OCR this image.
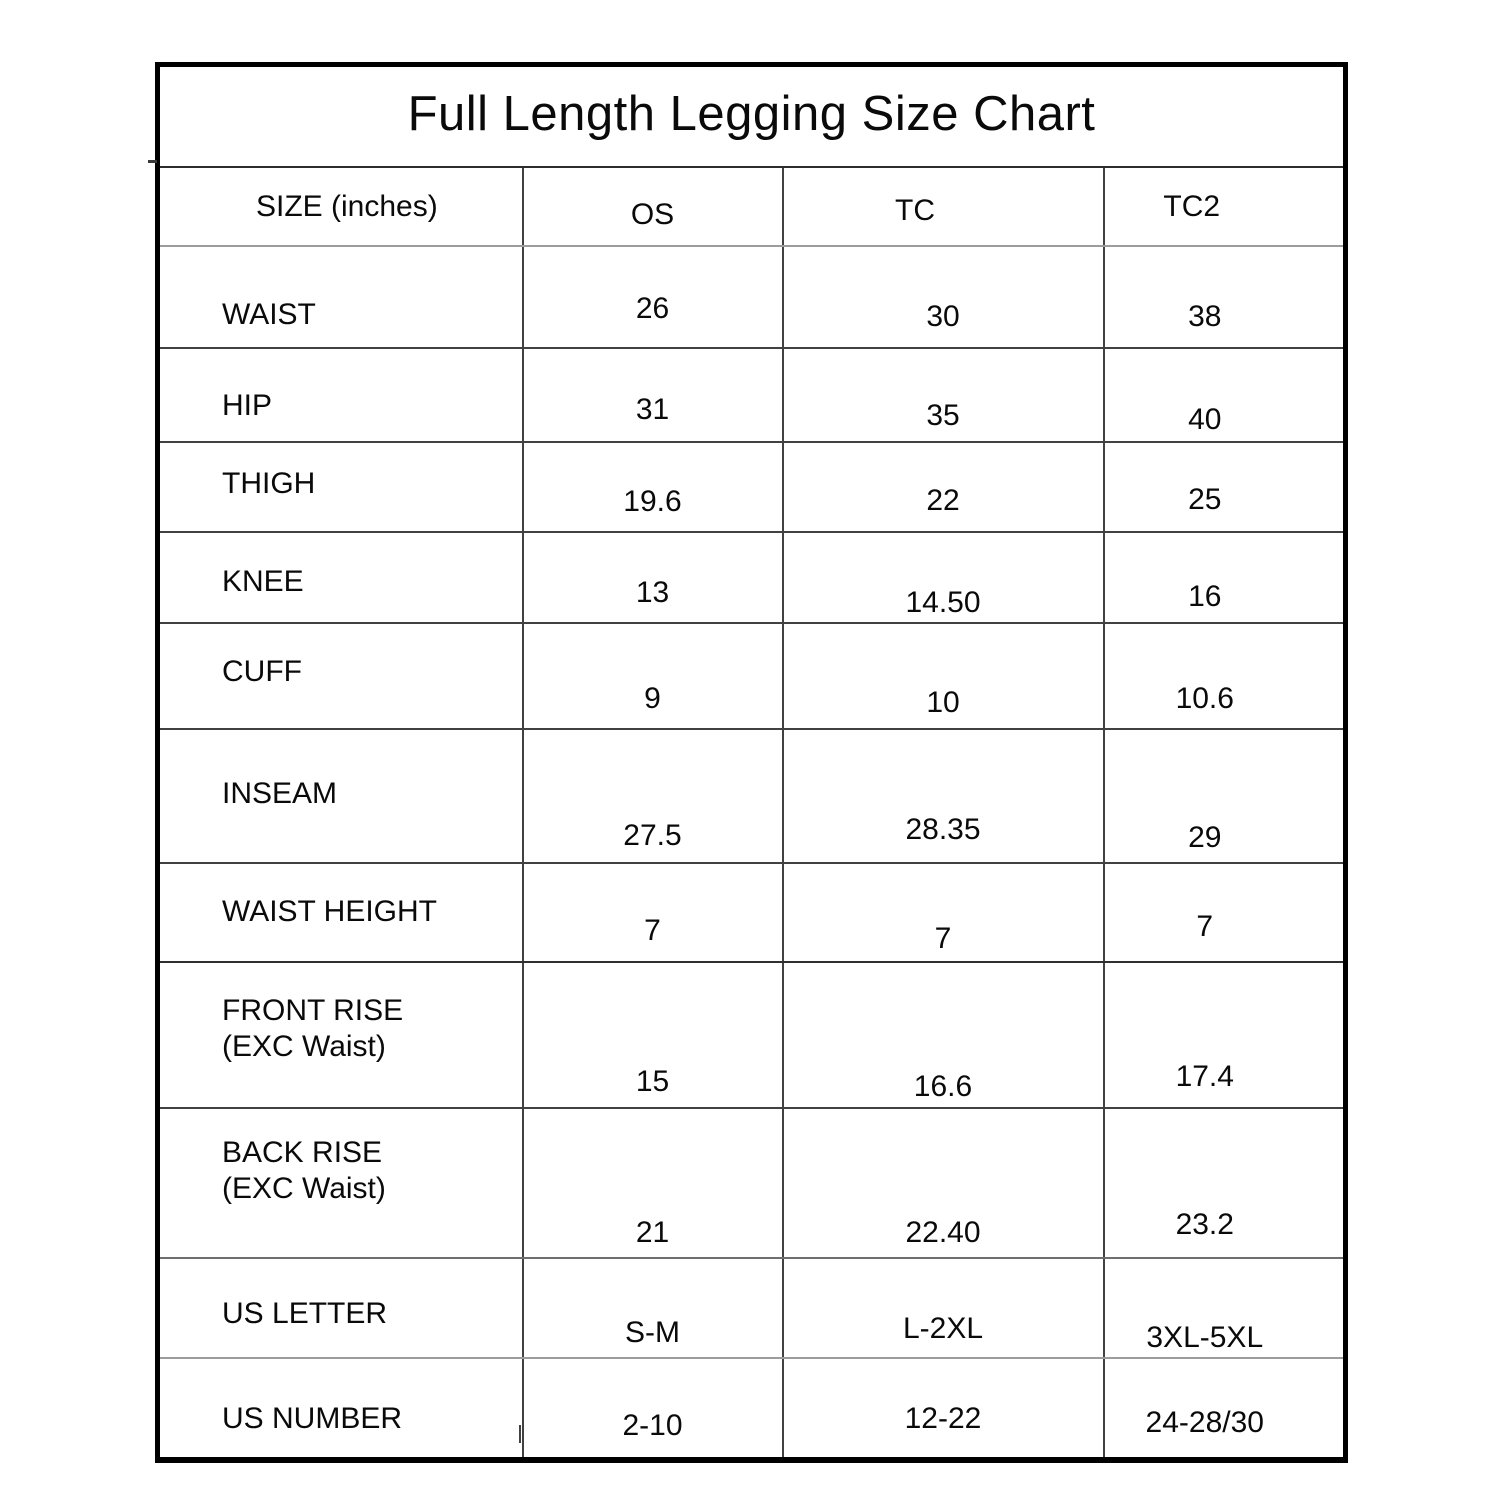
Full Length Legging Size Chart			
SIZE (inches)	OS	TC	TC2
WAIST	26	30	38
HIP	31	35	40
THIGH	19.6	22	25
KNEE	13	14.50	16
CUFF	9	10	10.6
INSEAM	27.5	28.35	29
WAIST HEIGHT	7	7	7

FRONT RISE
(EXC Waist)	15	16.6	17.4

BACK RISE
(EXC Waist)	21	22.40	23.2
US LETTER	S-M	L-2XL	3XL-5XL
US NUMBER	2-10	12-22	24-28/30
